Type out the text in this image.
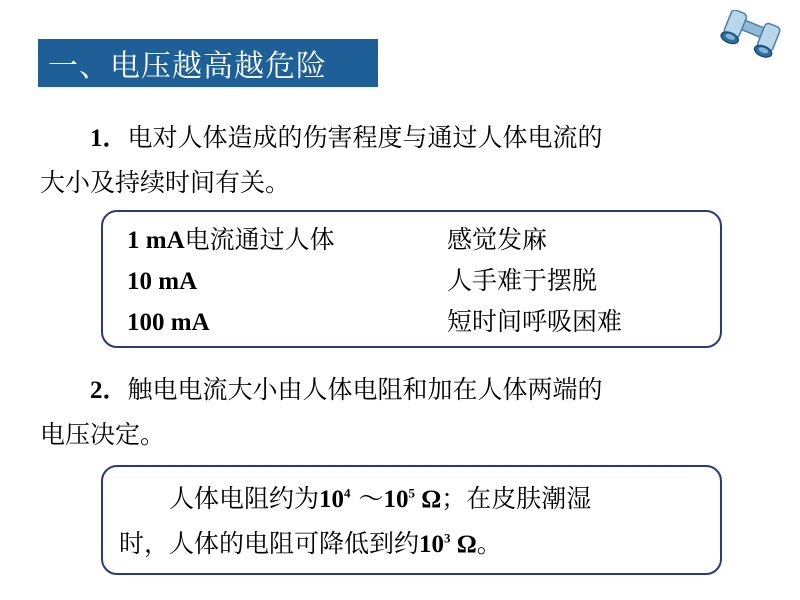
一、电压越高越危险

1．电对人体造成的伤害程度与通过人体电流的
大小及持续时间有关。

1 mA电流通过人体	感觉发麻
10 mA	人手难于摆脱
100 mA	短时间呼吸困难

2．触电电流大小由人体电阻和加在人体两端的
电压决定。

人体电阻约为$10^4$ $\sim 10^5$ Ω；在皮肤潮湿
时，人体的电阻可降低到约$10^3$ Ω。
